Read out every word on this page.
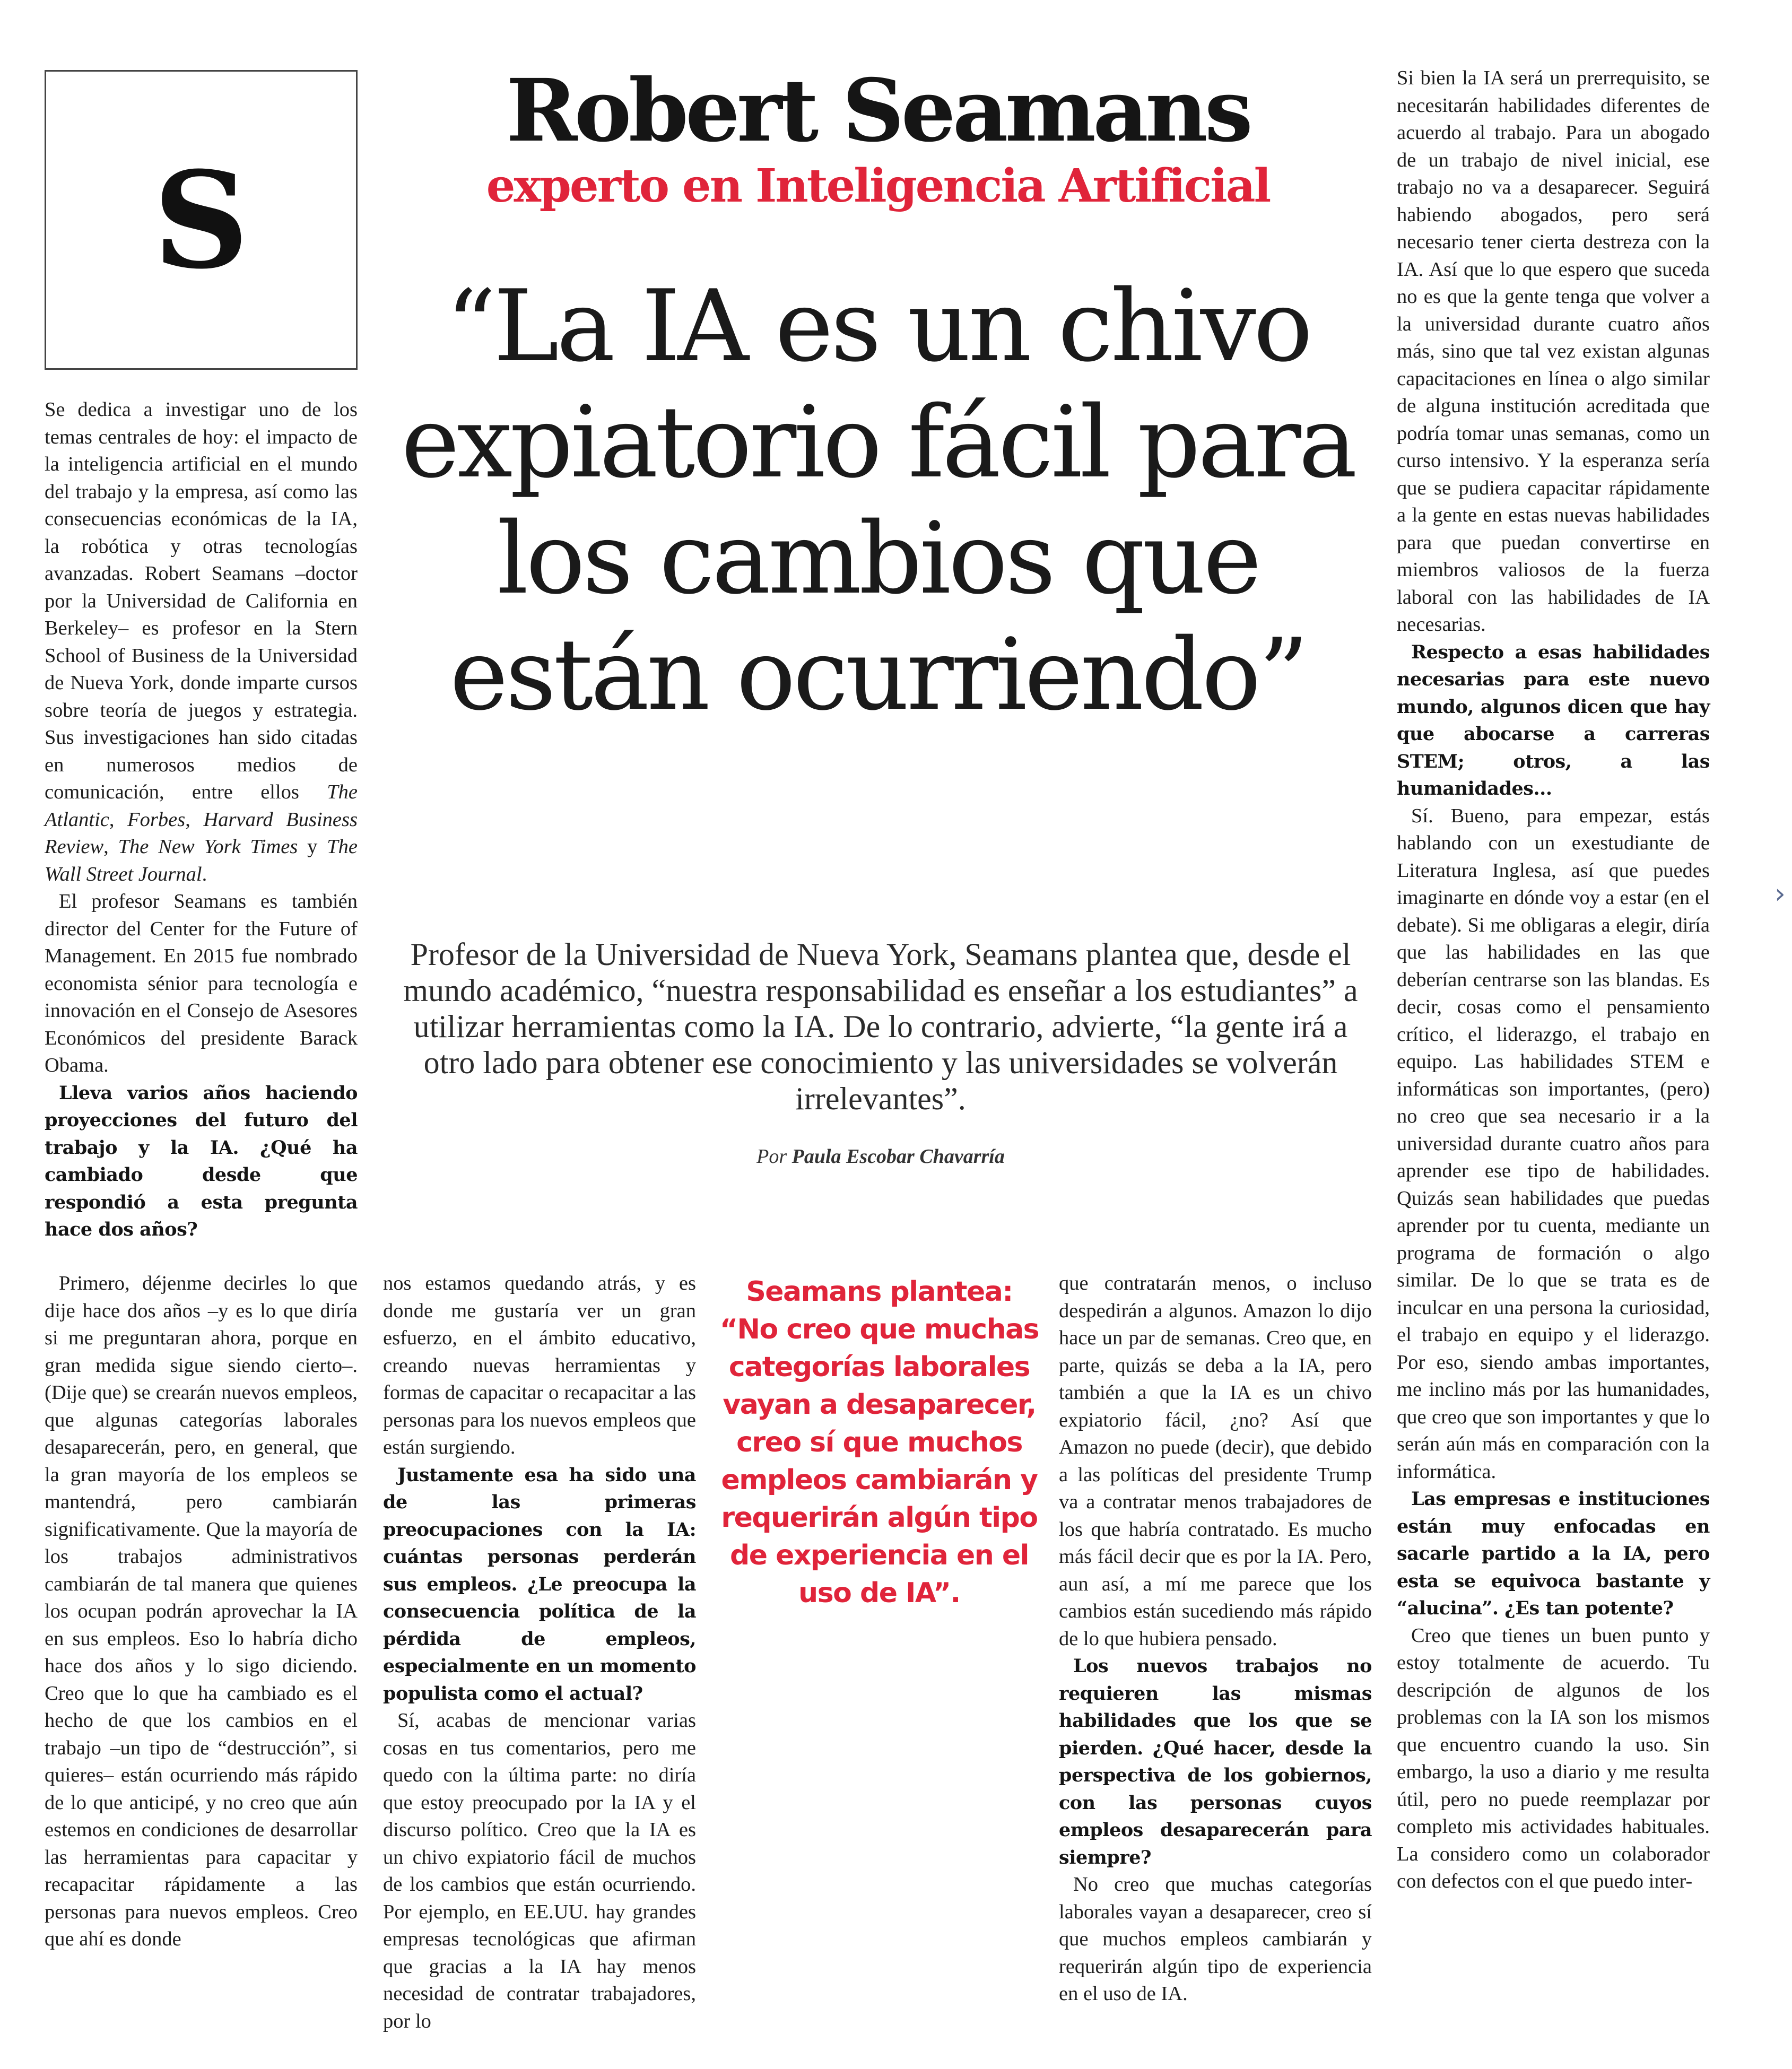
S
Robert Seamans
experto en Inteligencia Artificial
“La IA es un chivo expiatorio fácil para los cambios que están ocurriendo”
Profesor de la Universidad de Nueva York, Seamans plantea que, desde el mundo académico, “nuestra responsabilidad es enseñar a los estudiantes” a utilizar herramientas como la IA. De lo contrario, advierte, “la gente irá a otro lado para obtener ese conocimiento y las universidades se volverán irrelevantes”.
Por Paula Escobar Chavarría

Se dedica a investigar uno de los temas centrales de hoy: el impacto de la inteligencia artificial en el mundo del trabajo y la empresa, así como las consecuencias económicas de la IA, la robótica y otras tecnologías avanzadas. Robert Seamans –doctor por la Universidad de California en Berkeley– es profesor en la Stern School of Business de la Universidad de Nueva York, donde imparte cursos sobre teoría de juegos y estrategia. Sus investigaciones han sido citadas en numerosos medios de comunicación, entre ellos The Atlantic, Forbes, Harvard Business Review, The New York Times y The Wall Street Journal.

El profesor Seamans es también director del Center for the Future of Management. En 2015 fue nombrado economista sénior para tecnología e innovación en el Consejo de Asesores Económicos del presidente Barack Obama.

Lleva varios años haciendo proyecciones del futuro del trabajo y la IA. ¿Qué ha cambiado desde que respondió a esta pregunta hace dos años?

Primero, déjenme decirles lo que dije hace dos años –y es lo que diría si me preguntaran ahora, porque en gran medida sigue siendo cierto–. (Dije que) se crearán nuevos empleos, que algunas categorías laborales desaparecerán, pero, en general, que la gran mayoría de los empleos se mantendrá, pero cambiarán significativamente. Que la mayoría de los trabajos administrativos cambiarán de tal manera que quienes los ocupan podrán aprovechar la IA en sus empleos. Eso lo habría dicho hace dos años y lo sigo diciendo. Creo que lo que ha cambiado es el hecho de que los cambios en el trabajo –un tipo de “destrucción”, si quieres– están ocurriendo más rápido de lo que anticipé, y no creo que aún estemos en condiciones de desarrollar las herramientas para capacitar y recapacitar rápidamente a las personas para nuevos empleos. Creo que ahí es donde

nos estamos quedando atrás, y es donde me gustaría ver un gran esfuerzo, en el ámbito educativo, creando nuevas herramientas y formas de capacitar o recapacitar a las personas para los nuevos empleos que están surgiendo.

Justamente esa ha sido una de las primeras preocupaciones con la IA: cuántas personas perderán sus empleos. ¿Le preocupa la consecuencia política de la pérdida de empleos, especialmente en un momento populista como el actual?

Sí, acabas de mencionar varias cosas en tus comentarios, pero me quedo con la última parte: no diría que estoy preocupado por la IA y el discurso político. Creo que la IA es un chivo expiatorio fácil de muchos de los cambios que están ocurriendo. Por ejemplo, en EE.UU. hay grandes empresas tecnológicas que afirman que gracias a la IA hay menos necesidad de contratar trabajadores, por lo

Seamans plantea:
“No creo que muchas categorías laborales vayan a desaparecer, creo sí que muchos empleos cambiarán y requerirán algún tipo de experiencia en el uso de IA”.

que contratarán menos, o incluso despedirán a algunos. Amazon lo dijo hace un par de semanas. Creo que, en parte, quizás se deba a la IA, pero también a que la IA es un chivo expiatorio fácil, ¿no? Así que Amazon no puede (decir), que debido a las políticas del presidente Trump va a contratar menos trabajadores de los que habría contratado. Es mucho más fácil decir que es por la IA. Pero, aun así, a mí me parece que los cambios están sucediendo más rápido de lo que hubiera pensado.

Los nuevos trabajos no requieren las mismas habilidades que los que se pierden. ¿Qué hacer, desde la perspectiva de los gobiernos, con las personas cuyos empleos desaparecerán para siempre?

No creo que muchas categorías laborales vayan a desaparecer, creo sí que muchos empleos cambiarán y requerirán algún tipo de experiencia en el uso de IA.

Si bien la IA será un prerrequisito, se necesitarán habilidades diferentes de acuerdo al trabajo. Para un abogado de un trabajo de nivel inicial, ese trabajo no va a desaparecer. Seguirá habiendo abogados, pero será necesario tener cierta destreza con la IA. Así que lo que espero que suceda no es que la gente tenga que volver a la universidad durante cuatro años más, sino que tal vez existan algunas capacitaciones en línea o algo similar de alguna institución acreditada que podría tomar unas semanas, como un curso intensivo. Y la esperanza sería que se pudiera capacitar rápidamente a la gente en estas nuevas habilidades para que puedan convertirse en miembros valiosos de la fuerza laboral con las habilidades de IA necesarias.

Respecto a esas habilidades necesarias para este nuevo mundo, algunos dicen que hay que abocarse a carreras STEM; otros, a las humanidades...

Sí. Bueno, para empezar, estás hablando con un exestudiante de Literatura Inglesa, así que puedes imaginarte en dónde voy a estar (en el debate). Si me obligaras a elegir, diría que las habilidades en las que deberían centrarse son las blandas. Es decir, cosas como el pensamiento crítico, el liderazgo, el trabajo en equipo. Las habilidades STEM e informáticas son importantes, (pero) no creo que sea necesario ir a la universidad durante cuatro años para aprender ese tipo de habilidades. Quizás sean habilidades que puedas aprender por tu cuenta, mediante un programa de formación o algo similar. De lo que se trata es de inculcar en una persona la curiosidad, el trabajo en equipo y el liderazgo. Por eso, siendo ambas importantes, me inclino más por las humanidades, que creo que son importantes y que lo serán aún más en comparación con la informática.

Las empresas e instituciones están muy enfocadas en sacarle partido a la IA, pero esta se equivoca bastante y “alucina”. ¿Es tan potente?

Creo que tienes un buen punto y estoy totalmente de acuerdo. Tu descripción de algunos de los problemas con la IA son los mismos que encuentro cuando la uso. Sin embargo, la uso a diario y me resulta útil, pero no puede reemplazar por completo mis actividades habituales. La considero como un colaborador con defectos con el que puedo inter-

›
